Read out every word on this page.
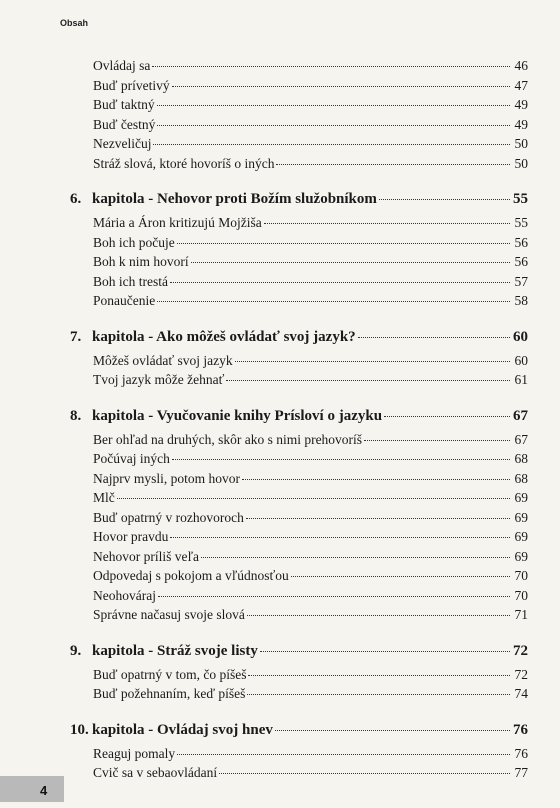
Obsah
Ovládaj sa	46
Buď prívetivý	47
Buď taktný	49
Buď čestný	49
Nezveličuj	50
Stráž slová, ktoré hovoríš o iných	50
6. kapitola - Nehovor proti Božím služobníkom	55
Mária a Áron kritizujú Mojžiša	55
Boh ich počuje	56
Boh k nim hovorí	56
Boh ich trestá	57
Ponaučenie	58
7. kapitola - Ako môžeš ovládať svoj jazyk?	60
Môžeš ovládať svoj jazyk	60
Tvoj jazyk môže žehnať	61
8. kapitola - Vyučovanie knihy Prísloví o jazyku	67
Ber ohľad na druhých, skôr ako s nimi prehovoríš	67
Počúvaj iných	68
Najprv mysli, potom hovor	68
Mlč	69
Buď opatrný v rozhovoroch	69
Hovor pravdu	69
Nehovor príliš veľa	69
Odpovedaj s pokojom a vľúdnosťou	70
Neohováraj	70
Správne načasuj svoje slová	71
9. kapitola - Stráž svoje listy	72
Buď opatrný v tom, čo píšeš	72
Buď požehnaním, keď píšeš	74
10. kapitola - Ovládaj svoj hnev	76
Reaguj pomaly	76
Cvič sa v sebaovládaní	77
4
